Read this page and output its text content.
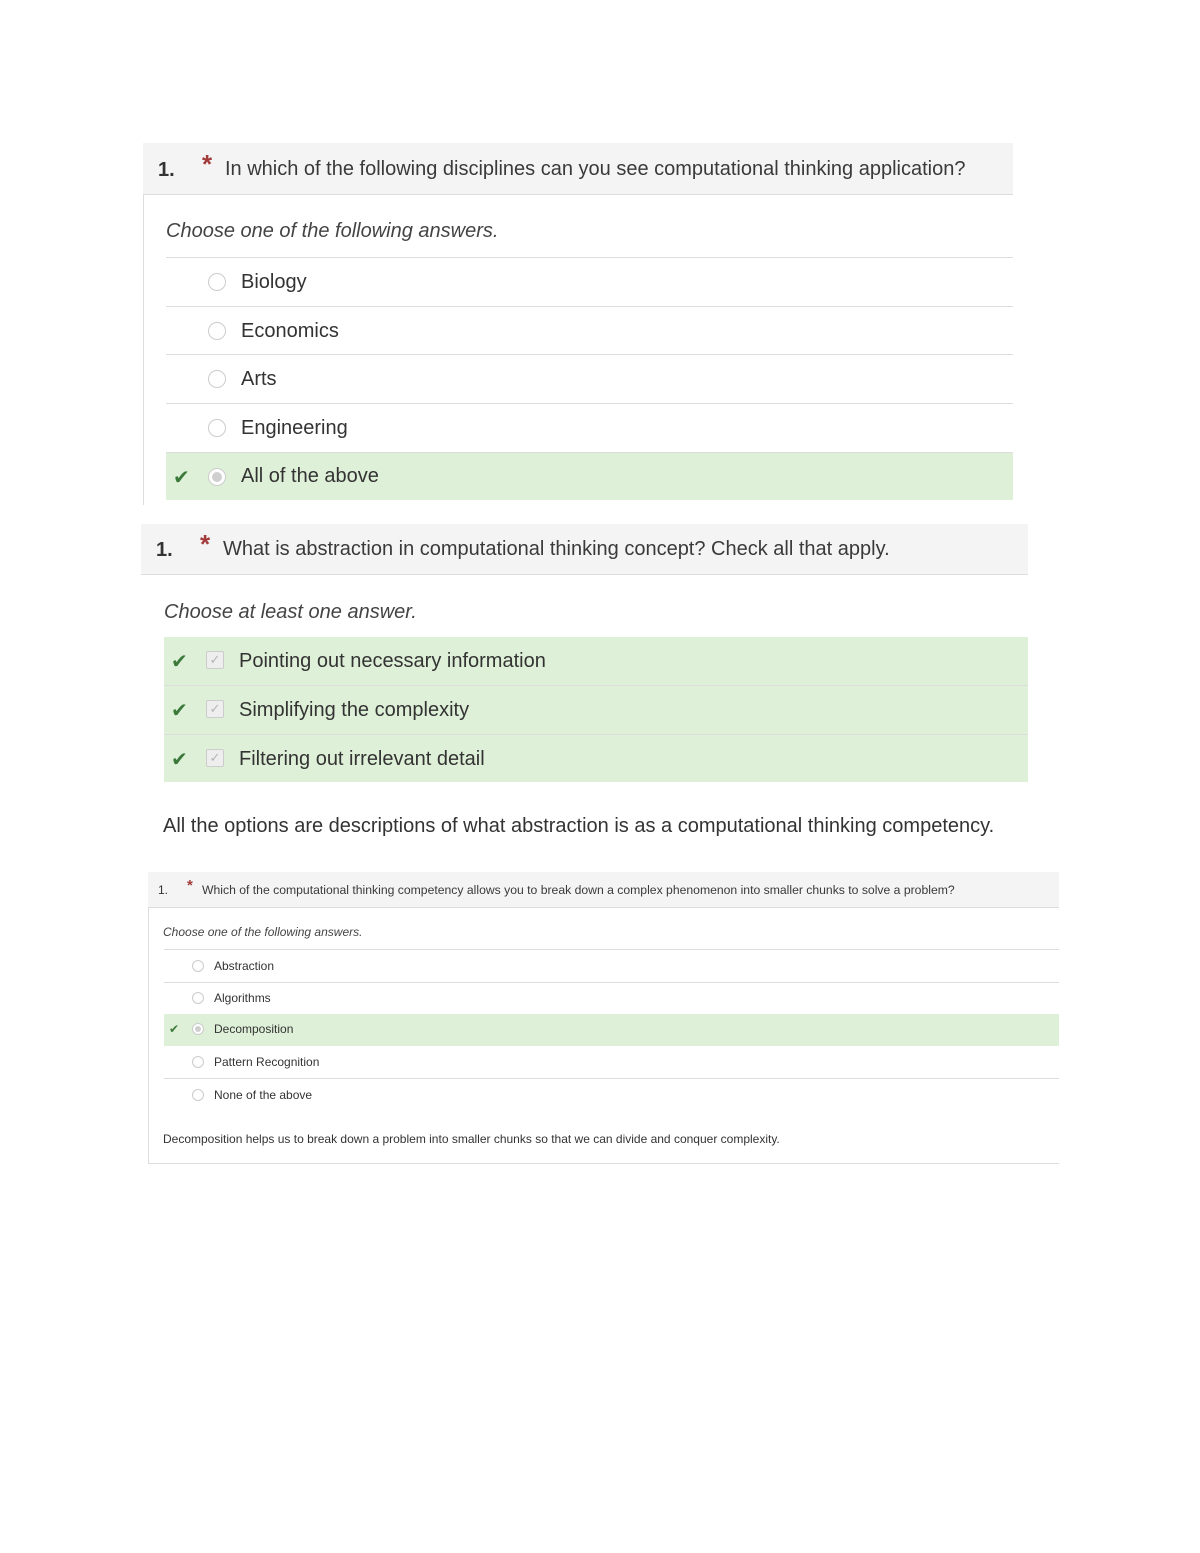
1. * In which of the following disciplines can you see computational thinking application?
Choose one of the following answers.
Biology
Economics
Arts
Engineering
✔	All of the above
1. * What is abstraction in computational thinking concept? Check all that apply.
Choose at least one answer.
✔ ✓ Pointing out necessary information
✔ ✓ Simplifying the complexity
✔ ✓ Filtering out irrelevant detail
All the options are descriptions of what abstraction is as a computational thinking competency.
1. * Which of the computational thinking competency allows you to break down a complex phenomenon into smaller chunks to solve a problem?
Choose one of the following answers.
Abstraction
Algorithms
✔	Decomposition
Pattern Recognition
None of the above
Decomposition helps us to break down a problem into smaller chunks so that we can divide and conquer complexity.
